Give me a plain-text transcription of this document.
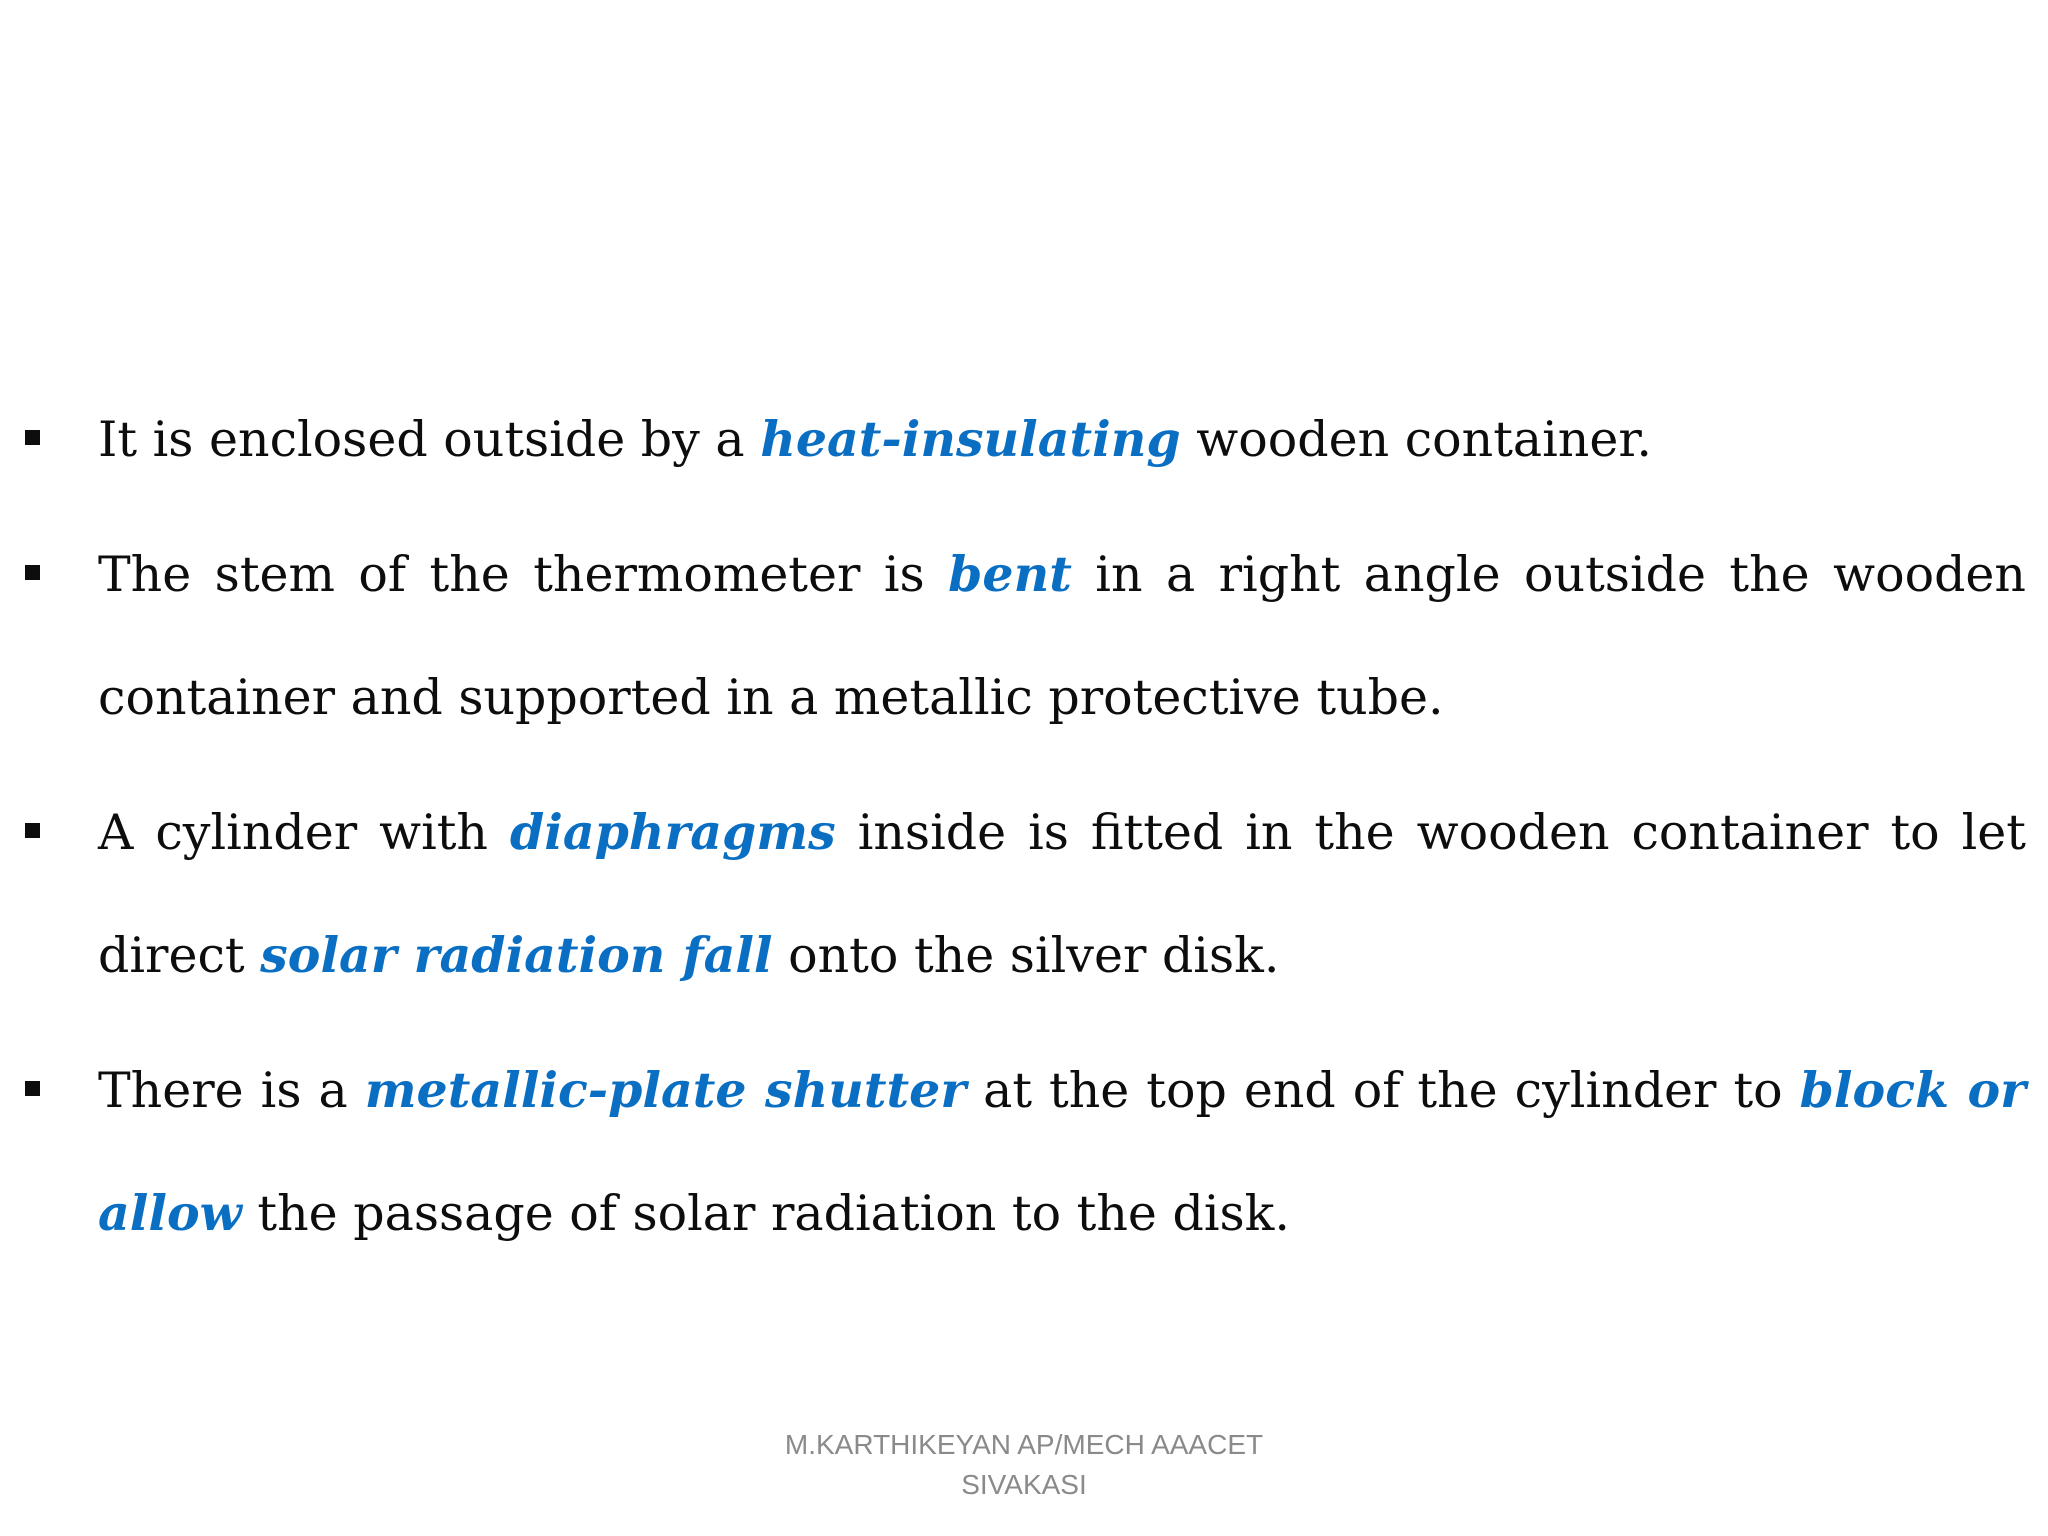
It is enclosed outside by a heat-insulating wooden container.
The stem of the thermometer is bent in a right angle outside the wooden container and supported in a metallic protective tube.
A cylinder with diaphragms inside is fitted in the wooden container to let direct solar radiation fall onto the silver disk.
There is a metallic-plate shutter at the top end of the cylinder to block or allow the passage of solar radiation to the disk.
M.KARTHIKEYAN AP/MECH AAACET
SIVAKASI
